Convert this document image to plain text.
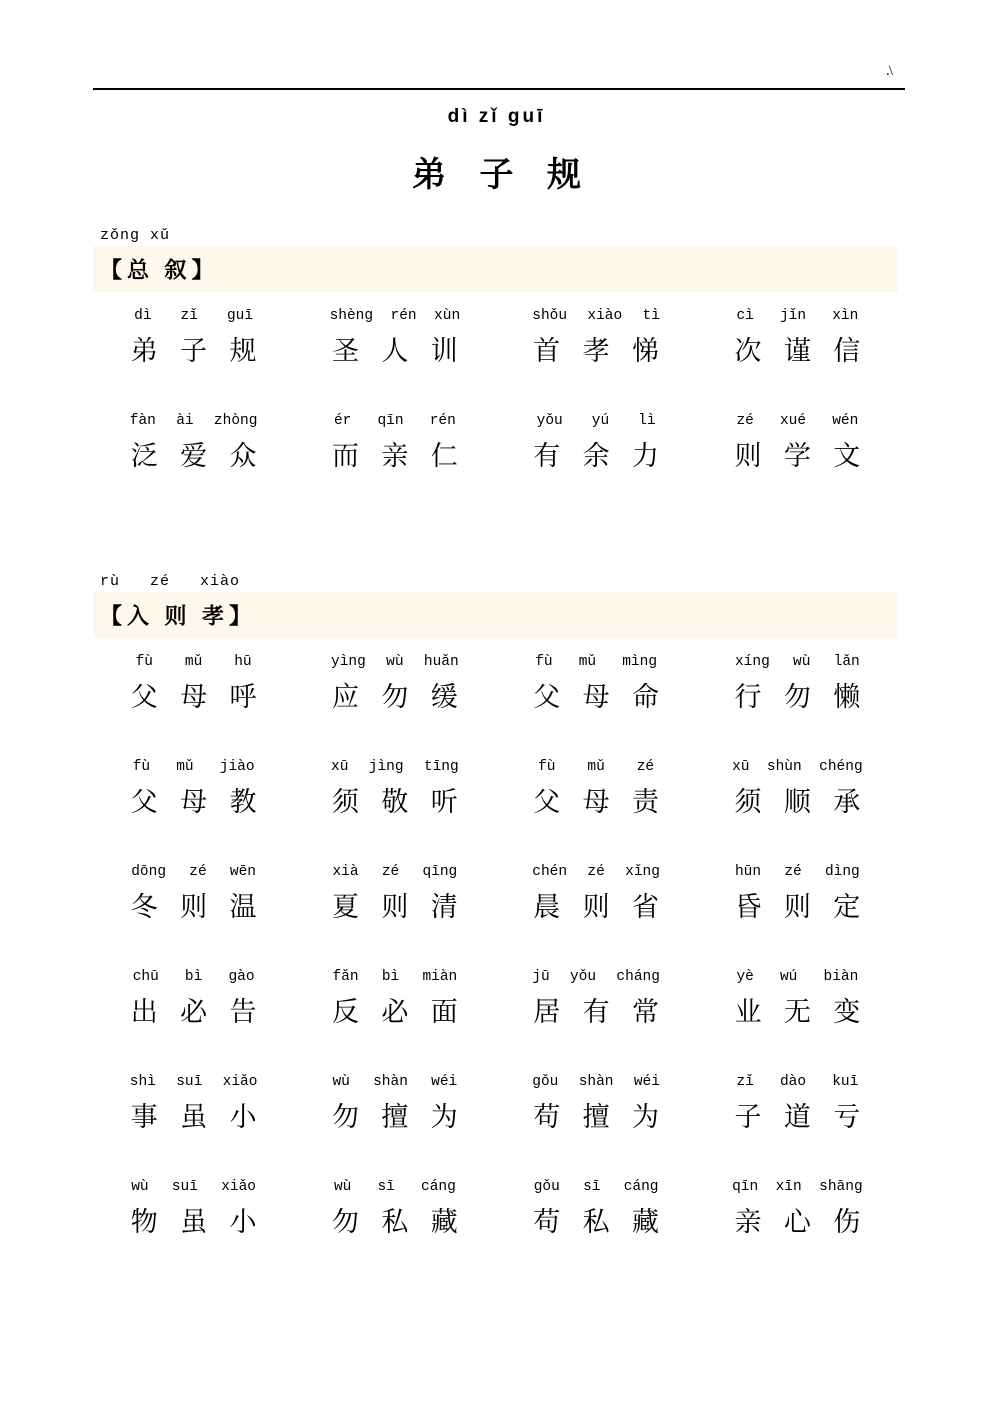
.\
dì zǐ guī
弟 子 规
zǒng xǔ
【总 叙】
dì zǐ guī
弟 子 规
shèng rén xùn
圣 人 训
shǒu xiào tì
首 孝 悌
cì jǐn xìn
次 谨 信
fàn ài zhòng
泛 爱 众
ér qīn rén
而 亲 仁
yǒu yú lì
有 余 力
zé xué wén
则 学 文
rù   zé   xiào
【入 则 孝】
fù mǔ hū
父 母 呼
yìng wù huǎn
应 勿 缓
fù mǔ mìng
父 母 命
xíng wù lǎn
行 勿 懒
fù mǔ jiào
父 母 教
xū jìng tīng
须 敬 听
fù mǔ zé
父 母 责
xū shùn chéng
须 顺 承
dōng zé wēn
冬 则 温
xià zé qīng
夏 则 清
chén zé xǐng
晨 则 省
hūn zé dìng
昏 则 定
chū bì gào
出 必 告
fǎn bì miàn
反 必 面
jū yǒu cháng
居 有 常
yè wú biàn
业 无 变
shì suī xiǎo
事 虽 小
wù shàn wéi
勿 擅 为
gǒu shàn wéi
苟 擅 为
zǐ dào kuī
子 道 亏
wù suī xiǎo
物 虽 小
wù sī cáng
勿 私 藏
gǒu sī cáng
苟 私 藏
qīn xīn shāng
亲 心 伤
